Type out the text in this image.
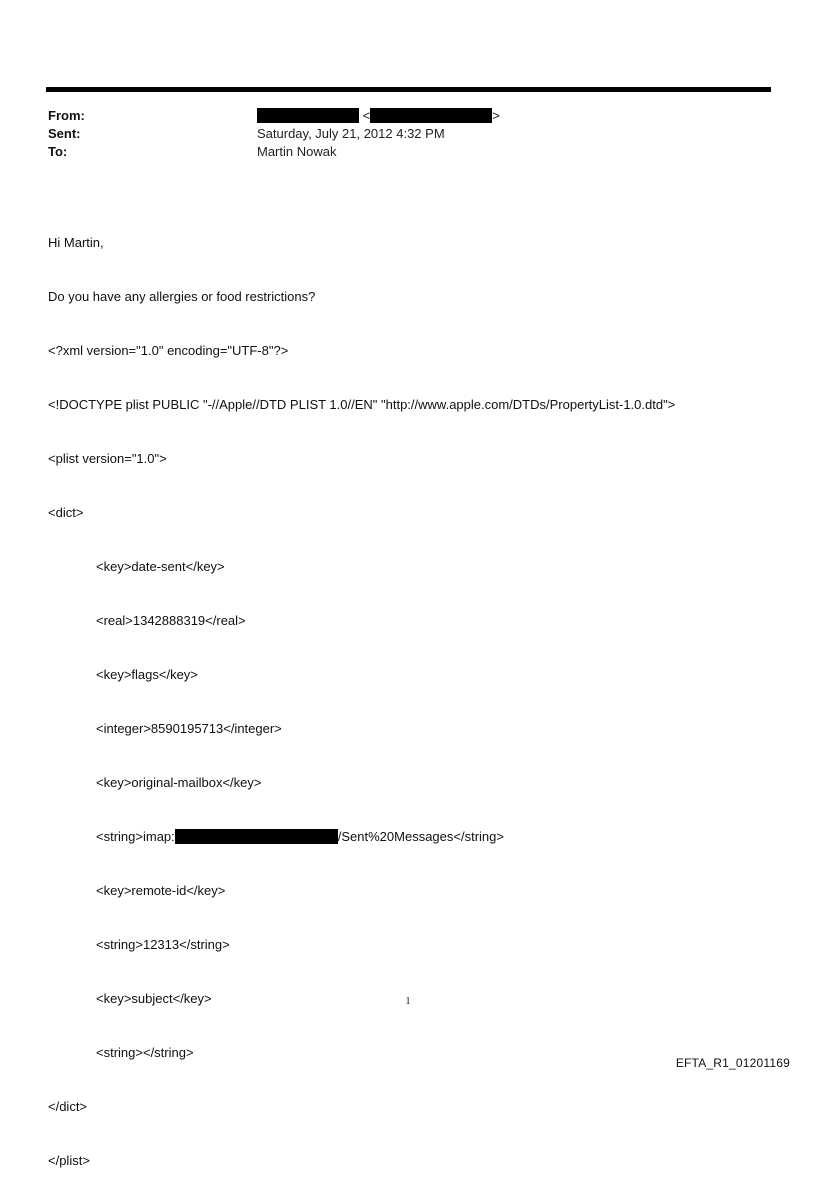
From:	<	>
Sent:	Saturday, July 21, 2012 4:32 PM
To:	Martin Nowak

Hi Martin,

Do you have any allergies or food restrictions?

<?xml version="1.0" encoding="UTF-8"?>

<!DOCTYPE plist PUBLIC "-//Apple//DTD PLIST 1.0//EN" "http://www.apple.com/DTDs/PropertyList-1.0.dtd">

<plist version="1.0">

<dict>

<key>date-sent</key>

<real>1342888319</real>

<key>flags</key>

<integer>8590195713</integer>

<key>original-mailbox</key>

<string>imap:	/Sent%20Messages</string>

<key>remote-id</key>

<string>12313</string>

<key>subject</key>

<string></string>

</dict>

</plist>

1
EFTA_R1_01201169
